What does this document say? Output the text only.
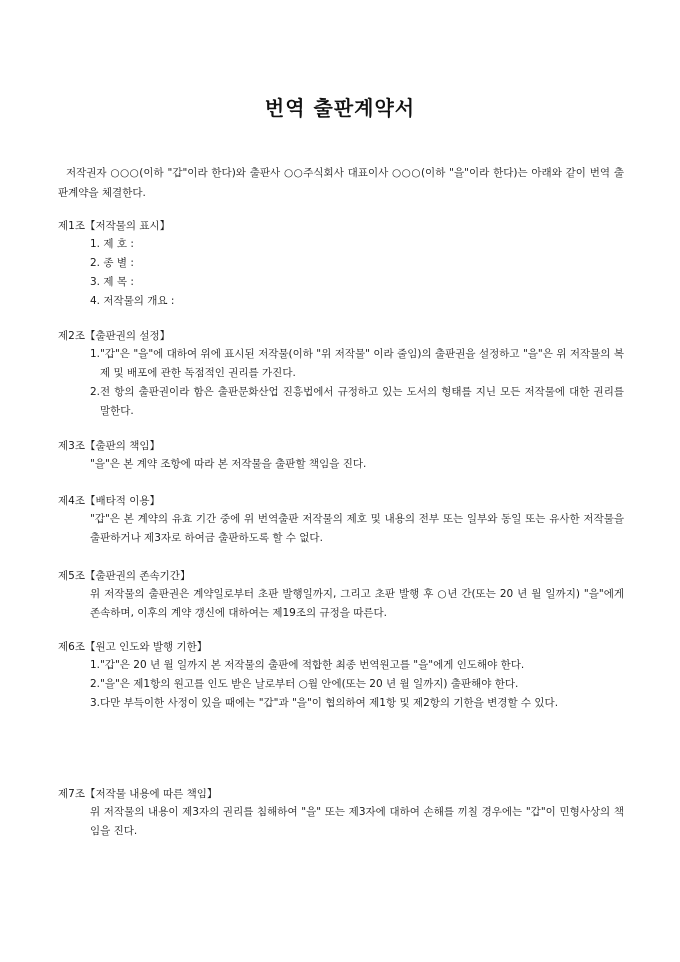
번역 출판계약서
저작권자 ○○○(이하 "갑"이라 한다)와 출판사 ○○주식회사 대표이사 ○○○(이하 "을"이라 한다)는 아래와 같이 번역 출판계약을 체결한다.
제1조【저작물의 표시】
1. 제 호 :
2. 종 별 :
3. 제 목 :
4. 저작물의 개요 :
제2조【출판권의 설정】
1. "갑"은 "을"에 대하여 위에 표시된 저작물(이하 "위 저작물" 이라 줄임)의 출판권을 설정하고 "을"은 위 저작물의 복제 및 배포에 관한 독점적인 권리를 가진다.
2. 전 항의 출판권이라 함은 출판문화산업 진흥법에서 규정하고 있는 도서의 형태를 지닌 모든 저작물에 대한 권리를 말한다.
제3조【출판의 책임】
"을"은 본 계약 조항에 따라 본 저작물을 출판할 책임을 진다.
제4조【배타적 이용】
"갑"은 본 계약의 유효 기간 중에 위 번역출판 저작물의 제호 및 내용의 전부 또는 일부와 동일 또는 유사한 저작물을 출판하거나 제3자로 하여금 출판하도록 할 수 없다.
제5조【출판권의 존속기간】
위 저작물의 출판권은 계약일로부터 초판 발행일까지, 그리고 초판 발행 후 ○년 간(또는 20 년 월 일까지) "을"에게 존속하며, 이후의 계약 갱신에 대하여는 제19조의 규정을 따른다.
제6조【원고 인도와 발행 기한】
1. "갑"은 20 년 월 일까지 본 저작물의 출판에 적합한 최종 번역원고를 "을"에게 인도해야 한다.
2. "을"은 제1항의 원고를 인도 받은 날로부터 ○월 안에(또는 20 년 월 일까지) 출판해야 한다.
3. 다만 부득이한 사정이 있을 때에는 "갑"과 "을"이 협의하여 제1항 및 제2항의 기한을 변경할 수 있다.
제7조【저작물 내용에 따른 책임】
위 저작물의 내용이 제3자의 권리를 침해하여 "을" 또는 제3자에 대하여 손해를 끼칠 경우에는 "갑"이 민형사상의 책임을 진다.
